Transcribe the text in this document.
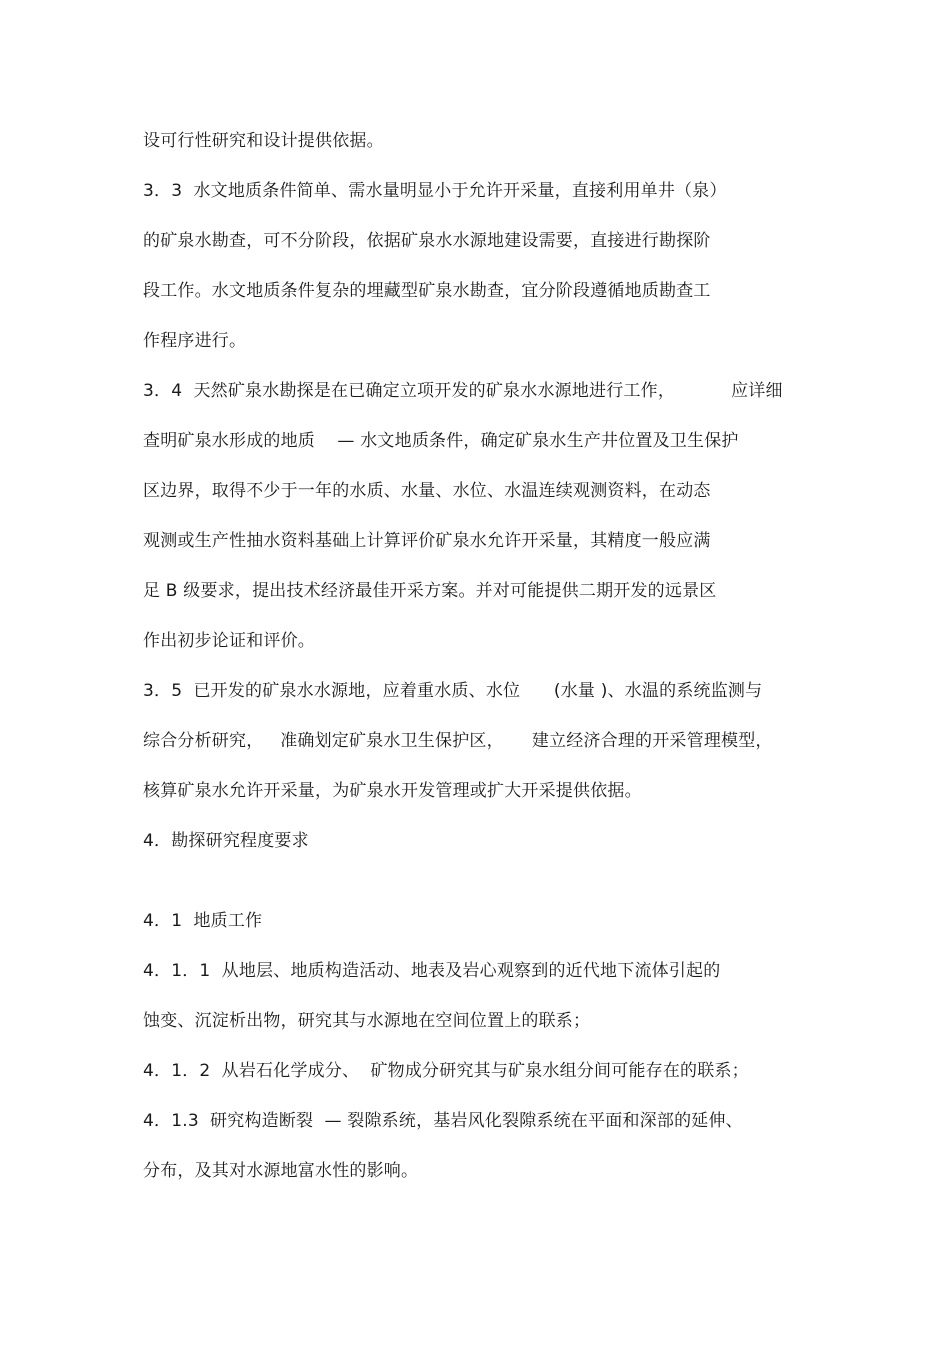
设可行性研究和设计提供依据。
3．3  水文地质条件简单、需水量明显小于允许开采量，直接利用单井（泉）
的矿泉水勘查，可不分阶段，依据矿泉水水源地建设需要，直接进行勘探阶
段工作。水文地质条件复杂的埋藏型矿泉水勘查，宜分阶段遵循地质勘查工
作程序进行。
3．4  天然矿泉水勘探是在已确定立项开发的矿泉水水源地进行工作，          应详细
查明矿泉水形成的地质    — 水文地质条件，确定矿泉水生产井位置及卫生保护
区边界，取得不少于一年的水质、水量、水位、水温连续观测资料，在动态
观测或生产性抽水资料基础上计算评价矿泉水允许开采量，其精度一般应满
足 B 级要求，提出技术经济最佳开采方案。并对可能提供二期开发的远景区
作出初步论证和评价。
3．5  已开发的矿泉水水源地，应着重水质、水位      (水量 )、水温的系统监测与
综合分析研究，   准确划定矿泉水卫生保护区，     建立经济合理的开采管理模型，
核算矿泉水允许开采量，为矿泉水开发管理或扩大开采提供依据。
4．勘探研究程度要求
4．1  地质工作
4．1．1  从地层、地质构造活动、地表及岩心观察到的近代地下流体引起的
蚀变、沉淀析出物，研究其与水源地在空间位置上的联系；
4．1．2  从岩石化学成分、  矿物成分研究其与矿泉水组分间可能存在的联系；
4．1.3  研究构造断裂  — 裂隙系统，基岩风化裂隙系统在平面和深部的延伸、
分布，及其对水源地富水性的影响。
